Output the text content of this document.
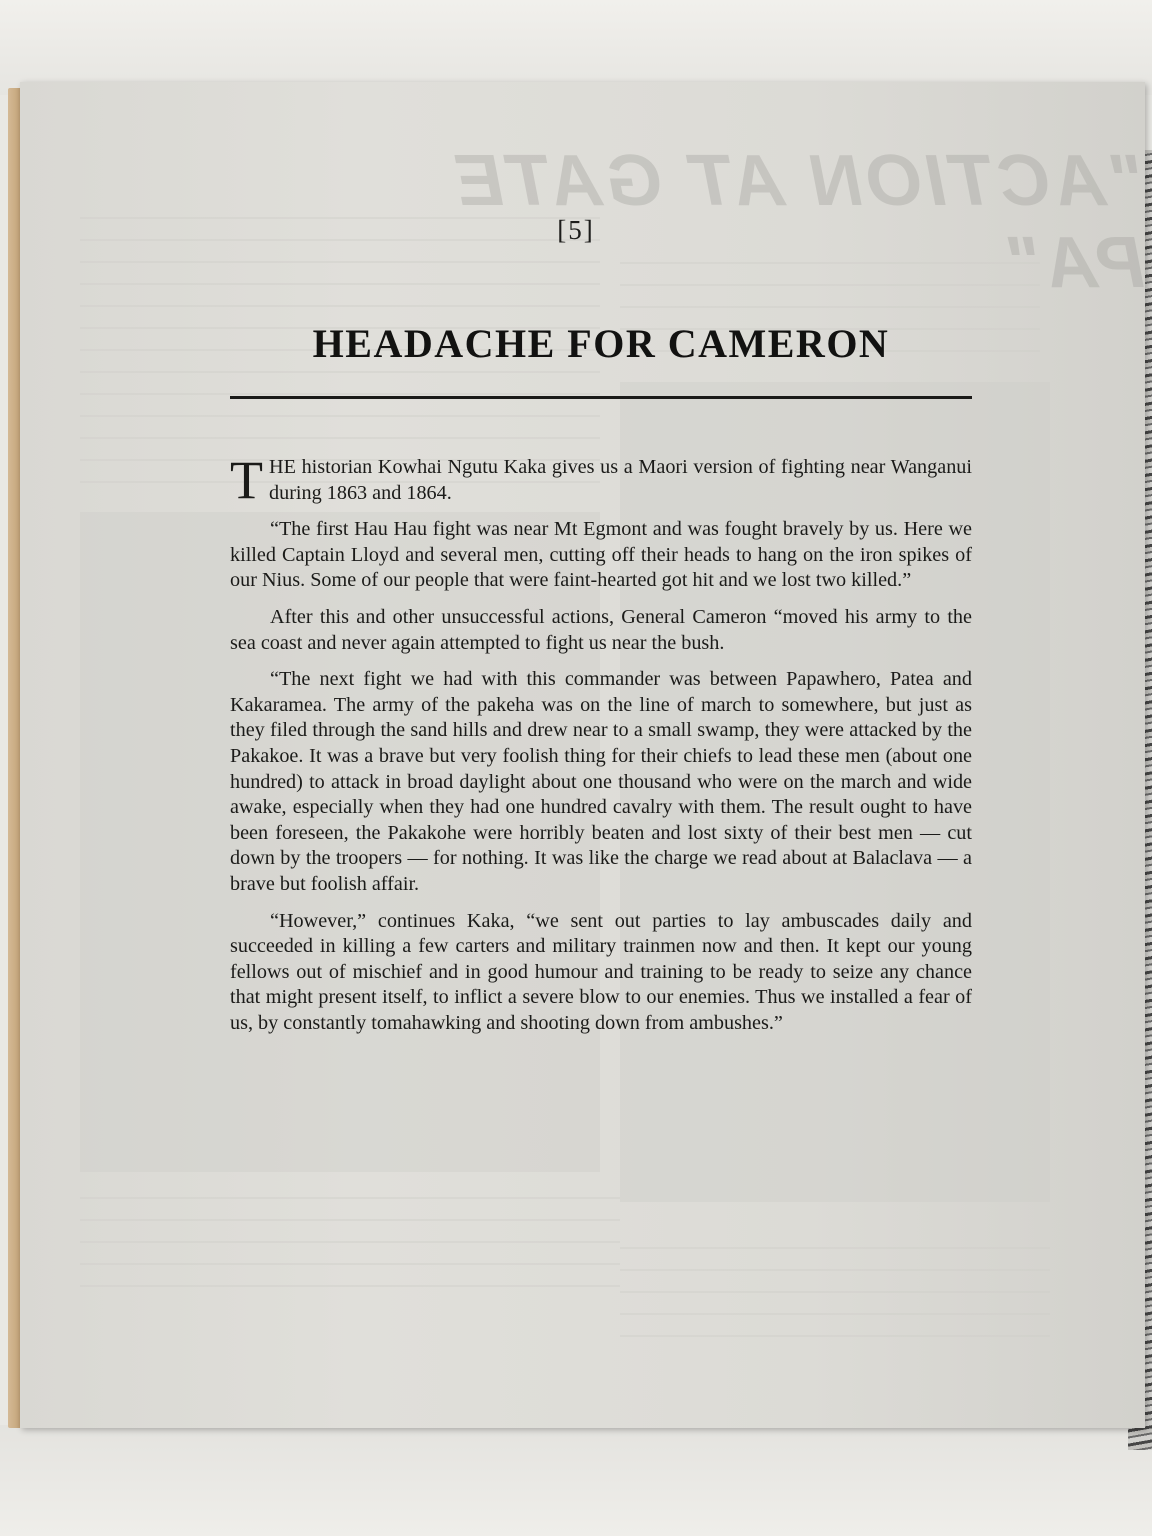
"ACTION AT GATE PA"
[5]
HEADACHE FOR CAMERON

THE historian Kowhai Ngutu Kaka gives us a Maori version of fighting near Wanganui during 1863 and 1864.

“The first Hau Hau fight was near Mt Egmont and was fought bravely by us. Here we killed Captain Lloyd and several men, cutting off their heads to hang on the iron spikes of our Nius. Some of our people that were faint-hearted got hit and we lost two killed.”

After this and other unsuccessful actions, General Cameron “moved his army to the sea coast and never again attempted to fight us near the bush.

“The next fight we had with this commander was between Papawhero, Patea and Kakaramea. The army of the pakeha was on the line of march to somewhere, but just as they filed through the sand hills and drew near to a small swamp, they were attacked by the Pakakoe. It was a brave but very foolish thing for their chiefs to lead these men (about one hundred) to attack in broad daylight about one thousand who were on the march and wide awake, especially when they had one hundred cavalry with them. The result ought to have been foreseen, the Pakakohe were horribly beaten and lost sixty of their best men — cut down by the troopers — for nothing. It was like the charge we read about at Balaclava — a brave but foolish affair.

“However,” continues Kaka, “we sent out parties to lay ambuscades daily and succeeded in killing a few carters and military trainmen now and then. It kept our young fellows out of mischief and in good humour and training to be ready to seize any chance that might present itself, to inflict a severe blow to our enemies. Thus we installed a fear of us, by constantly tomahawking and shooting down from ambushes.”
